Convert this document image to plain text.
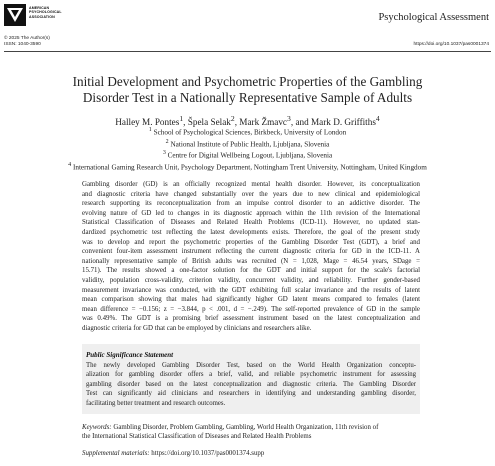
AMERICAN
PSYCHOLOGICAL
ASSOCIATION	Psychological Assessment
© 2025 The Author(s)
ISSN: 1040-3590	https://doi.org/10.1037/pas0001374
Initial Development and Psychometric Properties of the Gambling
Disorder Test in a Nationally Representative Sample of Adults
Halley M. Pontes$^1$, Špela Selak$^2$, Mark Žmavc$^3$, and Mark D. Griffiths$^4$
$^1$ School of Psychological Sciences, Birkbeck, University of London
$^2$ National Institute of Public Health, Ljubljana, Slovenia
$^3$ Centre for Digital Wellbeing Logout, Ljubljana, Slovenia
$^4$ International Gaming Research Unit, Psychology Department, Nottingham Trent University, Nottingham, United Kingdom
Gambling disorder (GD) is an officially recognized mental health disorder. However, its conceptualization
and diagnostic criteria have changed substantially over the years due to new clinical and epidemiological
research supporting its reconceptualization from an impulse control disorder to an addictive disorder. The
evolving nature of GD led to changes in its diagnostic approach within the 11th revision of the International
Statistical Classification of Diseases and Related Health Problems (ICD-11). However, no updated stan-
dardized psychometric test reflecting the latest developments exists. Therefore, the goal of the present study
was to develop and report the psychometric properties of the Gambling Disorder Test (GDT), a brief and
convenient four-item assessment instrument reflecting the current diagnostic criteria for GD in the ICD-11. A
nationally representative sample of British adults was recruited (N = 1,028, Mage = 46.54 years, SDage =
15.71). The results showed a one-factor solution for the GDT and initial support for the scale's factorial
validity, population cross-validity, criterion validity, concurrent validity, and reliability. Further gender-based
measurement invariance was conducted, with the GDT exhibiting full scalar invariance and the results of latent
mean comparison showing that males had significantly higher GD latent means compared to females (latent
mean difference = −0.156; z = −3.844, p < .001, d = −.249). The self-reported prevalence of GD in the sample
was 0.49%. The GDT is a promising brief assessment instrument based on the latest conceptualization and
diagnostic criteria for GD that can be employed by clinicians and researchers alike.
Public Significance Statement
The newly developed Gambling Disorder Test, based on the World Health Organization conceptu-
alization for gambling disorder offers a brief, valid, and reliable psychometric instrument for assessing
gambling disorder based on the latest conceptualization and diagnostic criteria. The Gambling Disorder
Test can significantly aid clinicians and researchers in identifying and understanding gambling disorder,
facilitating better treatment and research outcomes.
Keywords: Gambling Disorder, Problem Gambling, Gambling, World Health Organization, 11th revision of
the International Statistical Classification of Diseases and Related Health Problems
Supplemental materials: https://doi.org/10.1037/pas0001374.supp
